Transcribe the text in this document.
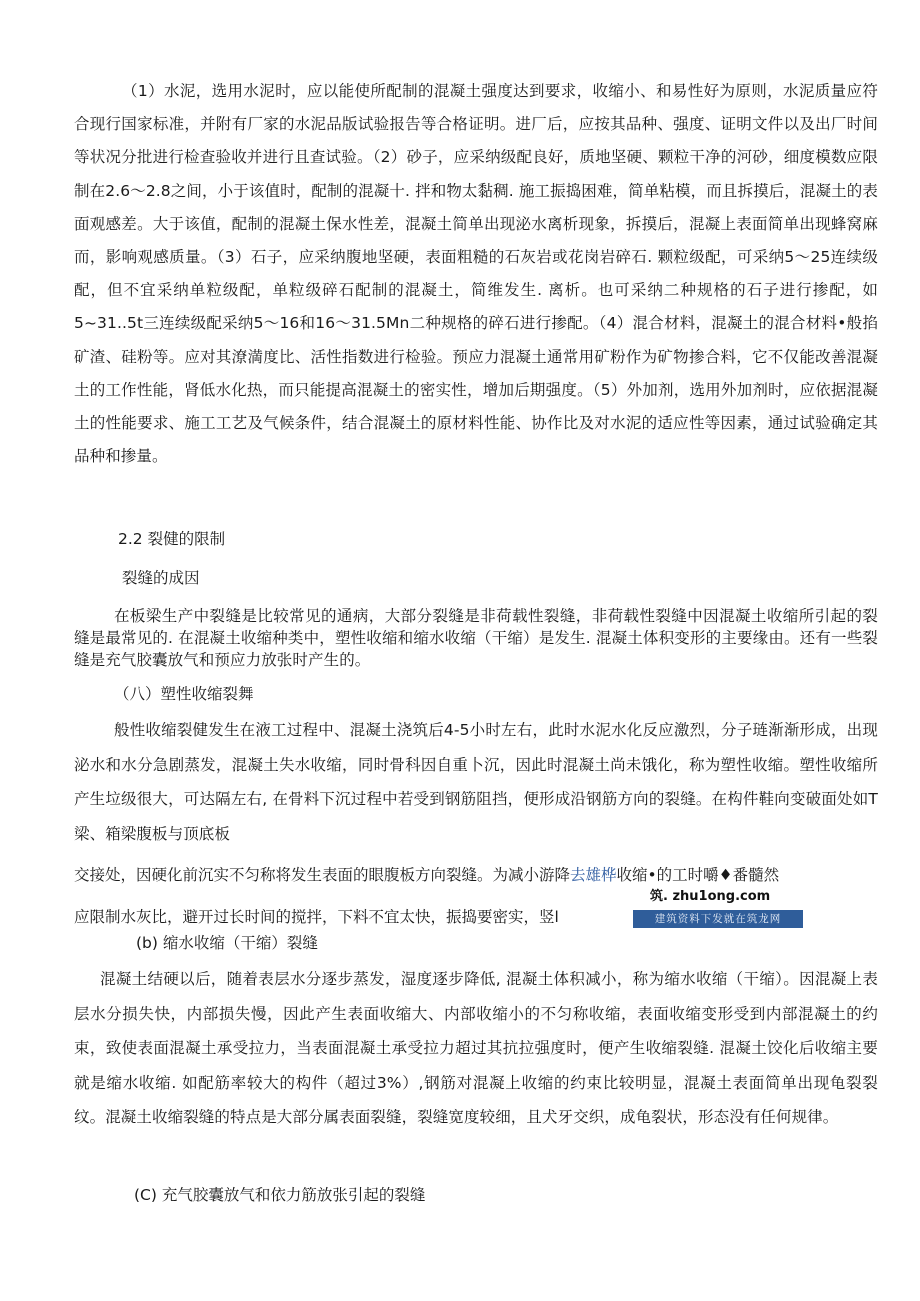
（1）水泥，选用水泥时，应以能使所配制的混凝土强度达到要求，收缩小、和易性好为原则，水泥质量应符合现行国家标准，并附有厂家的水泥品版试验报告等合格证明。进厂后，应按其品种、强度、证明文件以及出厂时间等状况分批进行检查验收并进行且查试验。（2）砂子，应采纳级配良好，质地坚硬、颗粒干净的河砂，细度模数应限制在2.6〜2.8之间，小于该值时，配制的混凝十. 拌和物太黏稠. 施工振捣困难，简单粘模，而且拆摸后，混凝土的表面观感差。大于该值，配制的混凝土保水性差，混凝土简单出现泌水离析现象，拆摸后，混凝上表面简单出现蜂窝麻而，影响观感质量。（3）石子，应采纳腹地坚硬，表面粗糙的石灰岩或花岗岩碎石. 颗粒级配，可采纳5〜25连续级配，但不宜采纳单粒级配，单粒级碎石配制的混凝土，简维发生. 离析。也可采纳二种规格的石子进行掺配，如5~31..5t三连续级配采纳5〜16和16〜31.5Mn二种规格的碎石进行掺配。（4）混合材料，混凝土的混合材料•般掐矿渣、硅粉等。应对其潦満度比、活性指数进行检验。预应力混凝土通常用矿粉作为矿物掺合料，它不仅能改善混凝土的工作性能，肾低水化热，而只能提高混凝土的密实性，增加后期强度。（5）外加剂，选用外加剂时，应依据混凝土的性能要求、施工工艺及气候条件，结合混凝土的原材料性能、协作比及对水泥的适应性等因素，通过试验确定其品种和掺量。
2.2 裂健的限制
裂缝的成因
在板梁生产中裂缝是比较常见的通病，大部分裂缝是非荷载性裂缝，非荷载性裂缝中因混凝土收缩所引起的裂缝是最常见的. 在混凝土收缩种类中，塑性收缩和缩水收缩（干缩）是发生. 混凝土体积变形的主要缘由。还有一些裂缝是充气胶囊放气和预应力放张时产生的。
（八）塑性收缩裂舞
般性收缩裂健发生在液工过程中、混凝土浇筑后4-5小时左右，此时水泥水化反应激烈，分子琏渐渐形成，出现泌水和水分急剧蒸发，混凝土失水收缩，同时骨科因自重卜沉，因此时混凝土尚未饿化，称为塑性收缩。塑性收缩所产生垃级很大，可达隔左右, 在骨料下沉过程中若受到钢筋阻挡，便形成沿钢筋方向的裂缝。在构件鞋向变破面处如T梁、箱梁腹板与顶底板
交接处，因硬化前沉实不匀称将发生表面的眼腹板方向裂缝。为减小游降去雄桦收缩•的工时嚼♦番髓然
应限制水灰比，避开过长时间的搅拌，下料不宜太快，振捣要密实，竖l
筑. zhu1ong.com
建筑资料下发就在筑龙网
(b) 缩水收缩（干缩）裂缝
混凝土结硬以后，随着表层水分逐步蒸发，湿度逐步降低, 混凝土体积减小，称为缩水收缩（干缩）。因混凝上表层水分损失快，内部损失慢，因此产生表面收缩大、内部收缩小的不匀称收缩，表面收缩变形受到内部混凝土的约束，致使表面混凝土承受拉力，当表面混凝土承受拉力超过其抗拉强度时，便产生收缩裂缝. 混凝土饺化后收缩主要就是缩水收缩. 如配筋率较大的构件（超过3%）,钢筋对混凝上收缩的约束比较明显，混凝土表面简单出现龟裂裂纹。混凝土收缩裂缝的特点是大部分属表面裂缝，裂缝宽度较细，且犬牙交织，成龟裂状，形态没有任何规律。
(C) 充气胶囊放气和依力筋放张引起的裂缝
